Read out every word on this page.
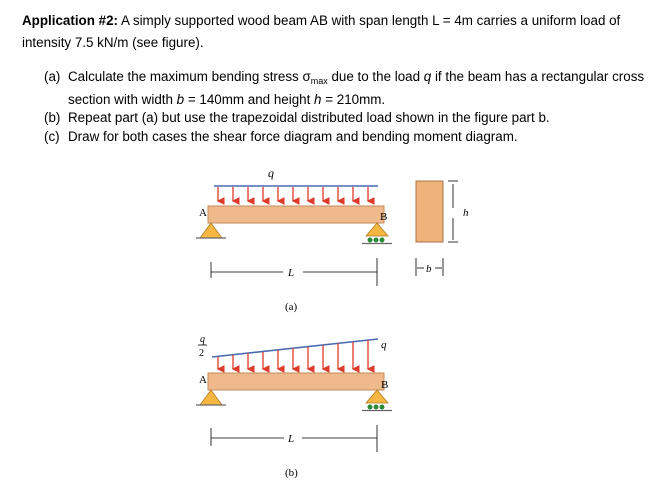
Application #2: A simply supported wood beam AB with span length L = 4m carries a uniform load of intensity 7.5 kN/m (see figure).
(a) Calculate the maximum bending stress $\sigma_{max}$ due to the load q if the beam has a rectangular cross section with width b = 140mm and height h = 210mm.
(b) Repeat part (a) but use the trapezoidal distributed load shown in the figure part b.
(c) Draw for both cases the shear force diagram and bending moment diagram.
q
A	B
L
(a)
h
b
q
2
q
A	B
L
(b)
